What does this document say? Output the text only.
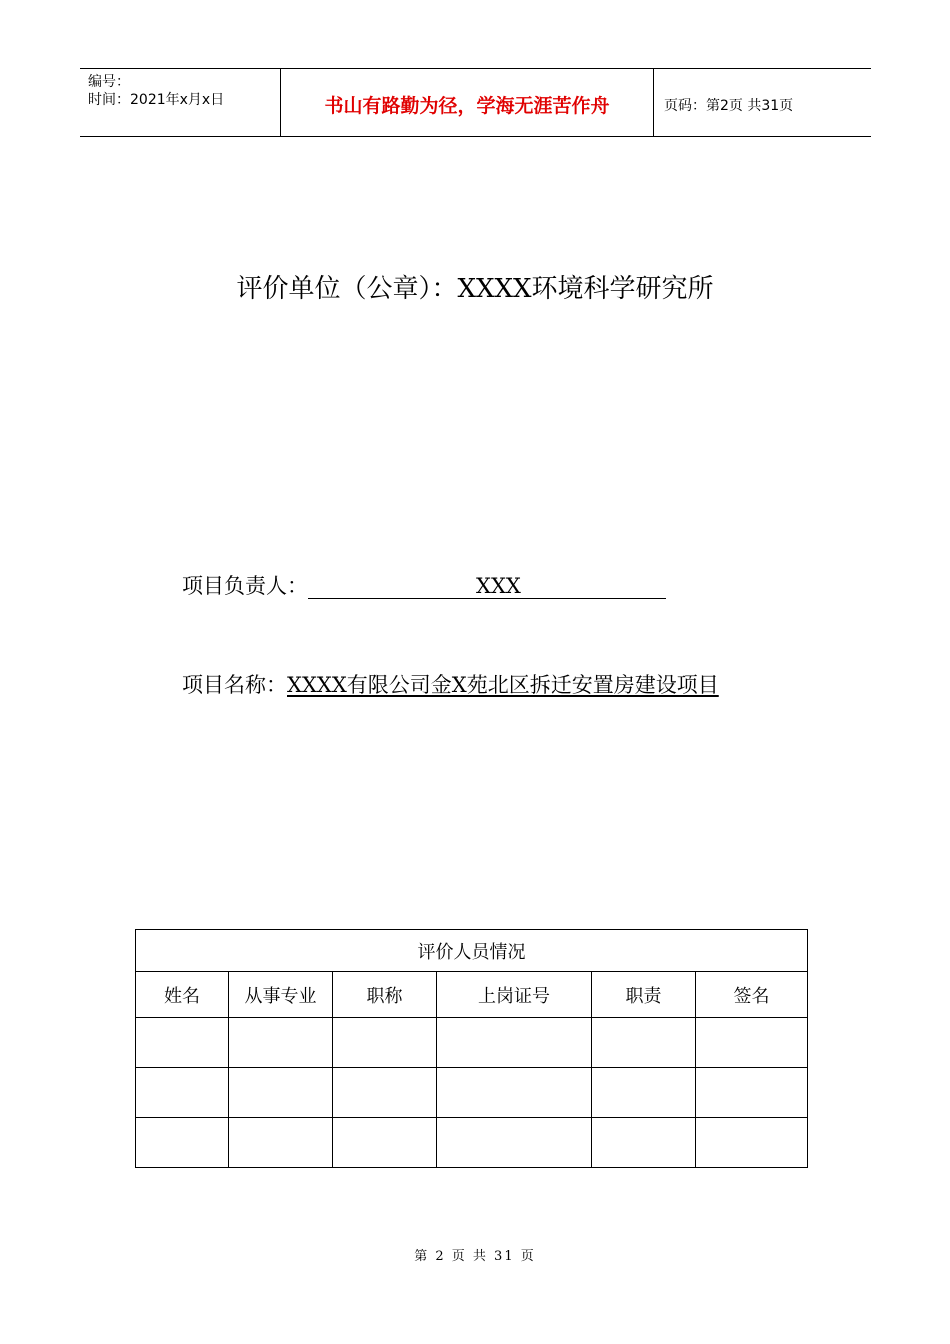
编号：
时间：2021年x月x日	书山有路勤为径，学海无涯苦作舟	页码：第2页 共31页
评价单位（公章）：XXXX环境科学研究所
项目负责人：	XXX
项目名称：XXXX有限公司金X苑北区拆迁安置房建设项目
评价人员情况					
姓名	从事专业	职称	上岗证号	职责	签名

第 2 页 共 31 页
